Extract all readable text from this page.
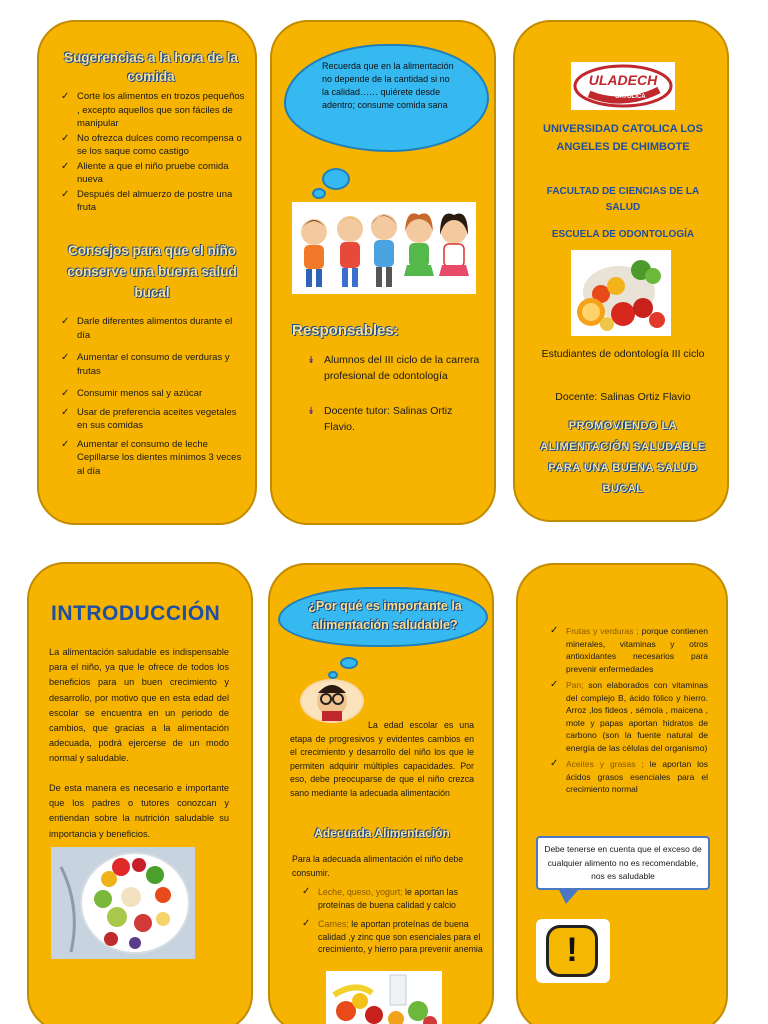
Sugerencias a la hora de la comida
✓ Corte los alimentos en trozos pequeños , excepto aquellos que son fáciles de manipular
✓ No ofrezca dulces como recompensa o se los saque como castigo
✓ Aliente a que el niño pruebe comida nueva
✓ Después del almuerzo de postre una fruta
Consejos para que el niño conserve una buena salud bucal
✓ Darle diferentes alimentos durante el día
✓ Aumentar el consumo de verduras y frutas
✓ Consumir menos sal y azúcar
✓ Usar de preferencia aceites vegetales en sus comidas
✓ Aumentar el consumo de leche Cepillarse los dientes mínimos 3 veces al día
Recuerda que en la alimentación no depende de la cantidad si no la calidad…… quiérete desde adentro; consume comida sana
Responsables:
⯯ Alumnos del III ciclo de la carrera profesional de odontología
⯯ Docente tutor: Salinas Ortiz Flavio.
ULADECH
CATÓLICA
UNIVERSIDAD CATOLICA LOS ANGELES DE CHIMBOTE
FACULTAD DE CIENCIAS DE LA SALUD
ESCUELA DE ODONTOLOGÍA
Estudiantes de odontología III ciclo
Docente: Salinas Ortiz Flavio
PROMOVIENDO LA ALIMENTACIÓN SALUDABLE PARA UNA BUENA SALUD BUCAL
INTRODUCCIÓN
La alimentación saludable es indispensable para el niño, ya que le ofrece de todos los beneficios para un buen crecimiento y desarrollo, por motivo que en esta edad del escolar se encuentra en un periodo de cambios, que gracias a la alimentación adecuada, podrá ejercerse de un modo normal y saludable.
De esta manera es necesario e importante que los padres o tutores conozcan y entiendan sobre la nutrición saludable su importancia y beneficios.
¿Por qué es importante la alimentación saludable?
La edad escolar es una etapa de progresivos y evidentes cambios en el crecimiento y desarrollo del niño los que le permiten adquirir múltiples capacidades. Por eso, debe preocuparse de que el niño crezca sano mediante la adecuada alimentación
Adecuada Alimentación
Para la adecuada alimentación el niño debe consumir.
✓ Leche, queso, yogurt; le aportan las proteínas de buena calidad y calcio
✓ Carnes; le aportan proteínas de buena calidad ,y zinc que son esenciales para el crecimiento, y hierro para prevenir anemia
✓ Frutas y verduras ; porque contienen minerales, vitaminas y otros antioxidantes necesarios para prevenir enfermedades
✓ Pan; son elaborados con vitaminas del complejo B, ácido fólico y hierro. Arroz ,los fideos , sémola , maicena , mote y papas aportan hidratos de carbono (son la fuente natural de energía de las células del organismo)
✓ Aceites y grasas ; le aportan los ácidos grasos esenciales para el crecimiento normal
Debe tenerse en cuenta que el exceso de cualquier alimento no es recomendable, nos es saludable
!
